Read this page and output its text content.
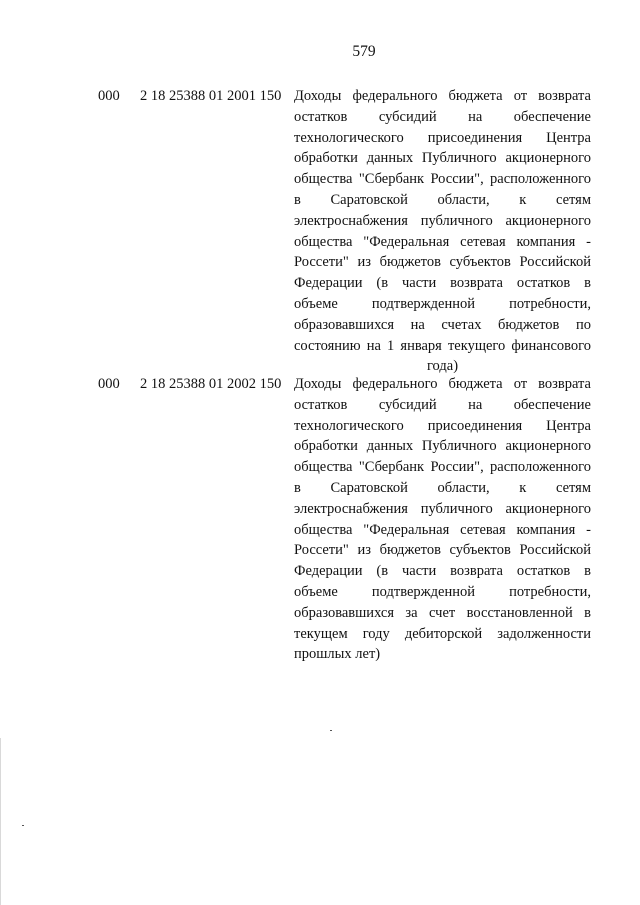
579
000 2 18 25388 01 2001 150 Доходы федерального бюджета от возврата
остатков субсидий на обеспечение
технологического присоединения Центра
обработки данных Публичного акционерного
общества "Сбербанк России", расположенного
в Саратовской области, к сетям
электроснабжения публичного акционерного
общества "Федеральная сетевая компания -
Россети" из бюджетов субъектов Российской
Федерации (в части возврата остатков в
объеме подтвержденной потребности,
образовавшихся на счетах бюджетов по
состоянию на 1 января текущего финансового
года)
000 2 18 25388 01 2002 150 Доходы федерального бюджета от возврата
остатков субсидий на обеспечение
технологического присоединения Центра
обработки данных Публичного акционерного
общества "Сбербанк России", расположенного
в Саратовской области, к сетям
электроснабжения публичного акционерного
общества "Федеральная сетевая компания -
Россети" из бюджетов субъектов Российской
Федерации (в части возврата остатков в
объеме подтвержденной потребности,
образовавшихся за счет восстановленной в
текущем году дебиторской задолженности
прошлых лет)
